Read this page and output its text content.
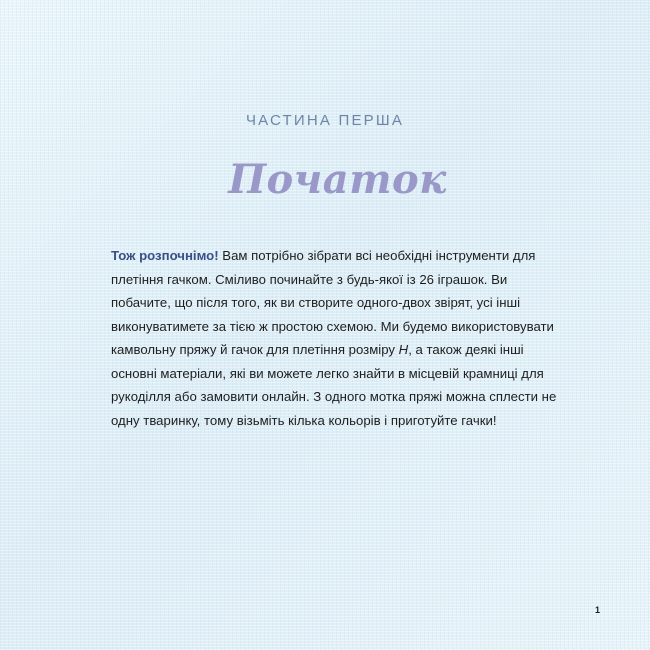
ЧАСТИНА ПЕРША
Початок
Тож розпочнімо! Вам потрібно зібрати всі необхідні інструменти для плетіння гачком. Сміливо починайте з будь-якої із 26 іграшок. Ви побачите, що після того, як ви створите одного-двох звірят, усі інші виконуватимете за тією ж простою схемою. Ми будемо використовувати камвольну пряжу й гачок для плетіння розміру H, а також деякі інші основні матеріали, які ви можете легко знайти в місцевій крамниці для рукоділля або замовити онлайн. З одного мотка пряжі можна сплести не одну тваринку, тому візьміть кілька кольорів і приготуйте гачки!
1
